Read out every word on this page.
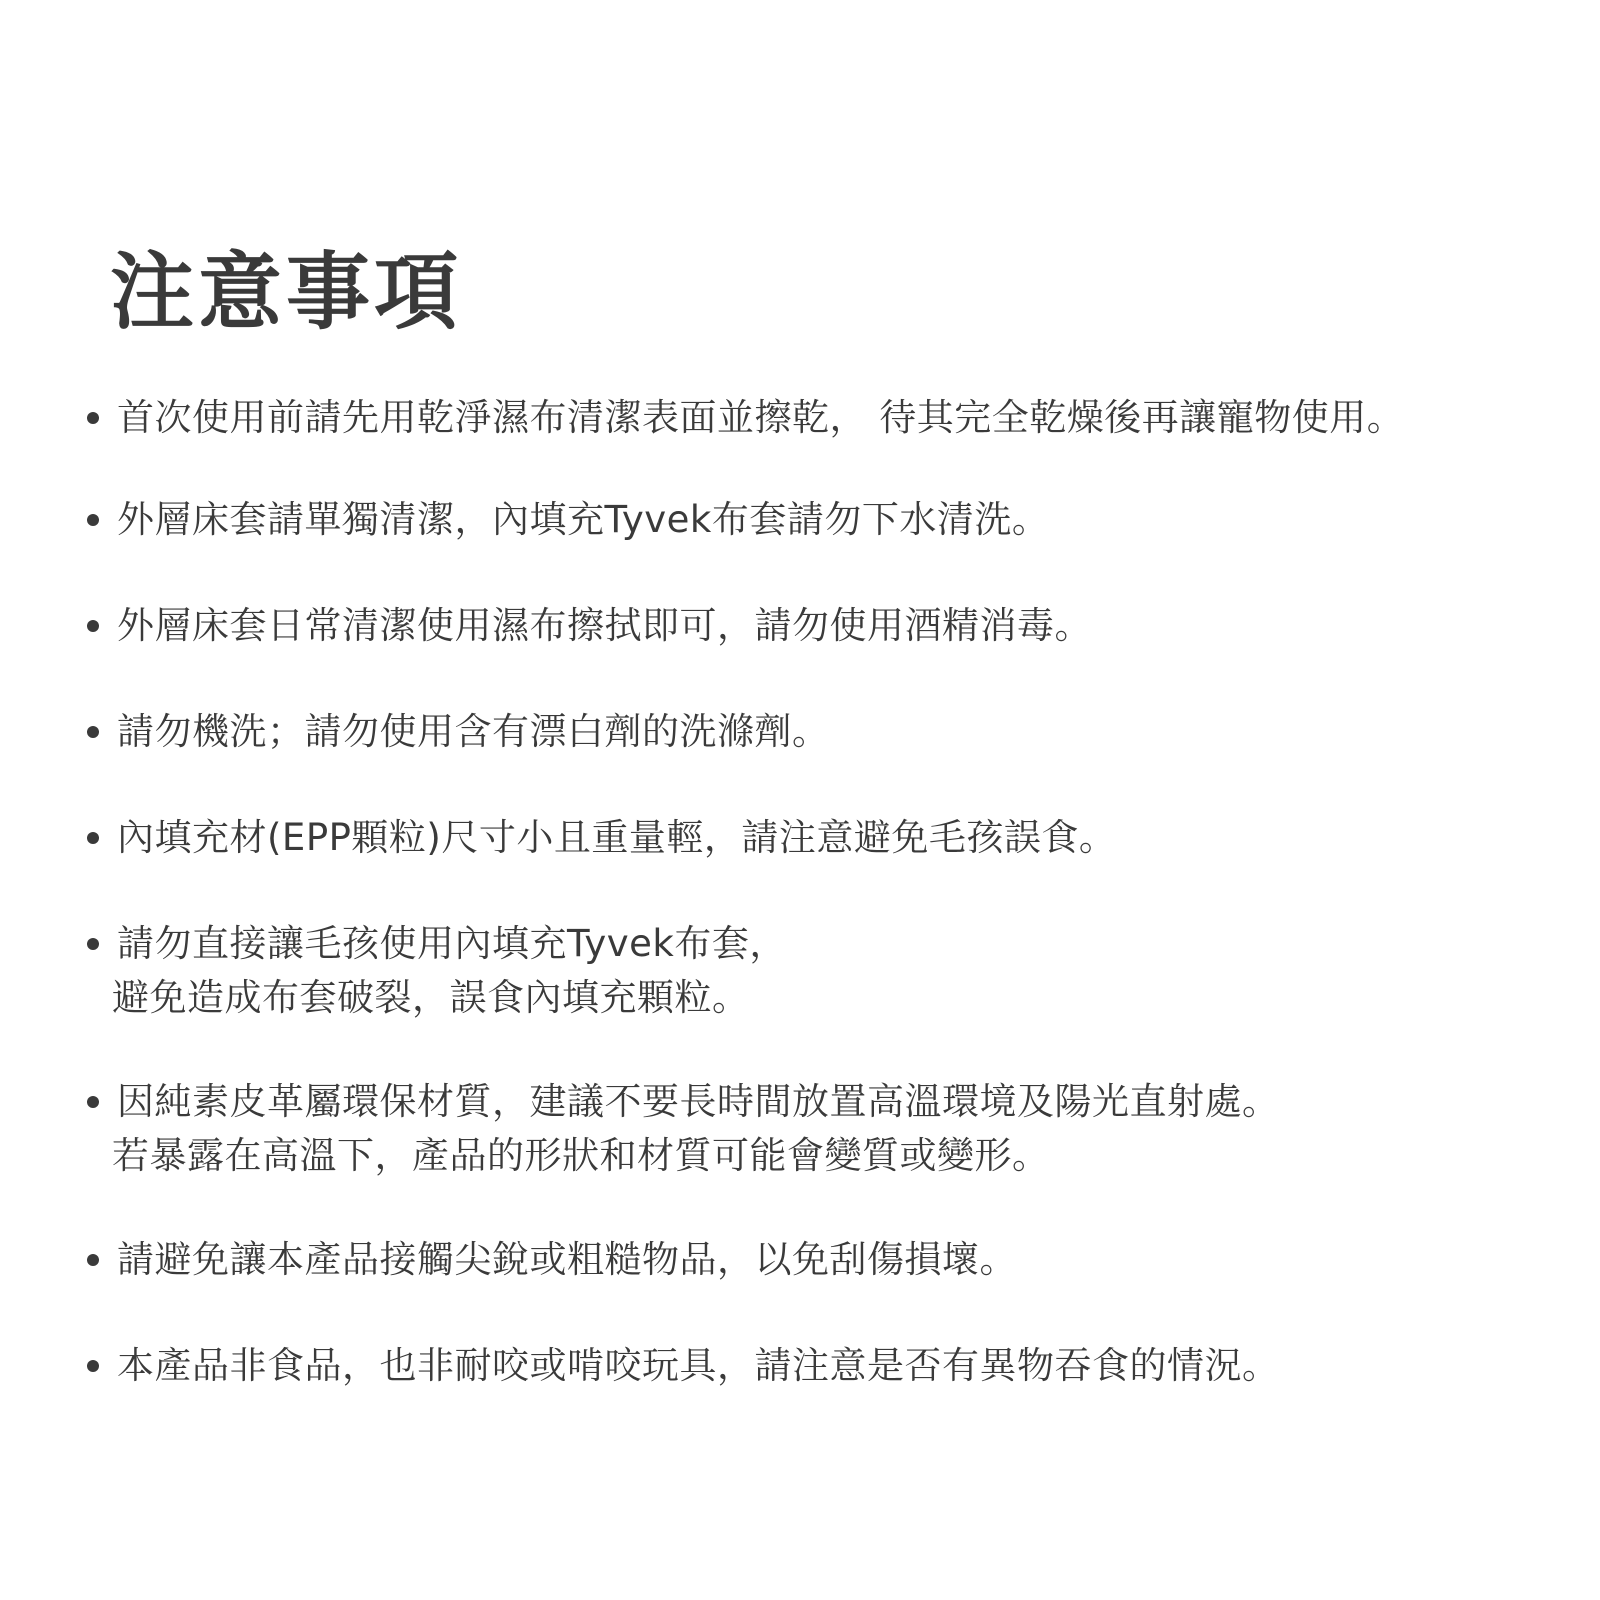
注意事項
首次使用前請先用乾淨濕布清潔表面並擦乾， 待其完全乾燥後再讓寵物使用。
外層床套請單獨清潔，內填充Tyvek布套請勿下水清洗。
外層床套日常清潔使用濕布擦拭即可，請勿使用酒精消毒。
請勿機洗；請勿使用含有漂白劑的洗滌劑。
內填充材(EPP顆粒)尺寸小且重量輕，請注意避免毛孩誤食。
請勿直接讓毛孩使用內填充Tyvek布套，
避免造成布套破裂，誤食內填充顆粒。
因純素皮革屬環保材質，建議不要長時間放置高溫環境及陽光直射處。
若暴露在高溫下，產品的形狀和材質可能會變質或變形。
請避免讓本產品接觸尖銳或粗糙物品，以免刮傷損壞。
本產品非食品，也非耐咬或啃咬玩具，請注意是否有異物吞食的情況。
